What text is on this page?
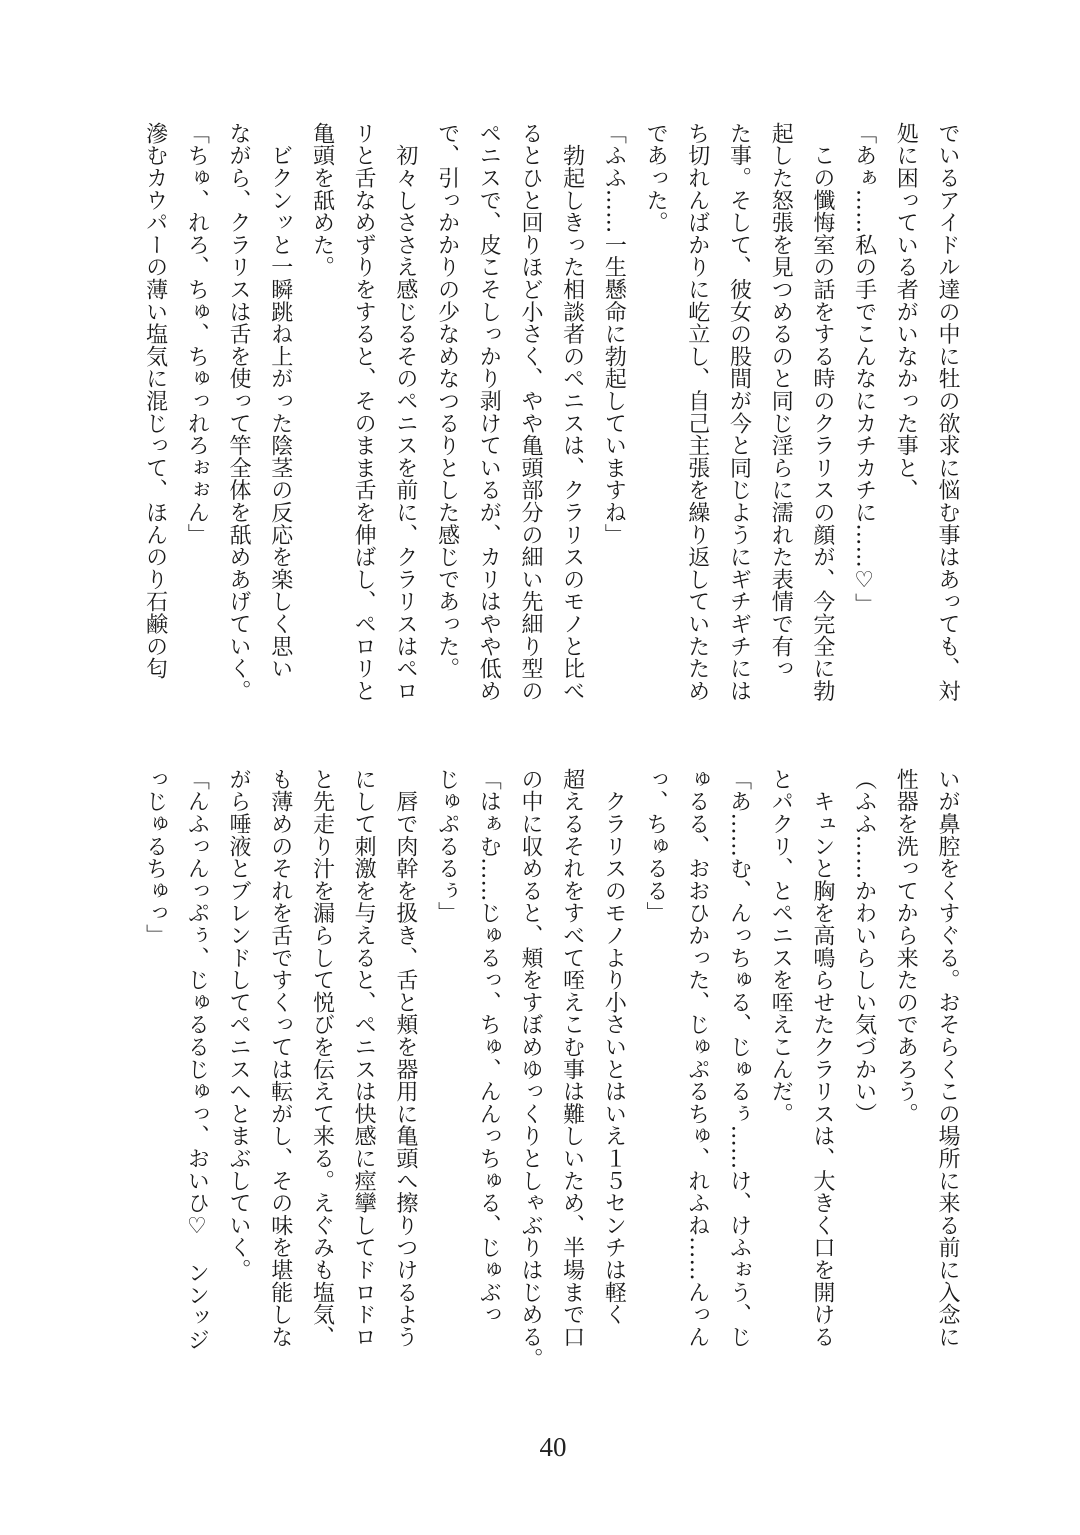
でいるアイドル達の中に牡の欲求に悩む事はあっても、対
処に困っている者がいなかった事と、
「あぁ……私の手でこんなにカチカチに……♡」
　この懺悔室の話をする時のクラリスの顔が、今完全に勃
起した怒張を見つめるのと同じ淫らに濡れた表情で有っ
た事。そして、彼女の股間が今と同じようにギチギチには
ち切れんばかりに屹立し、自己主張を繰り返していたため
であった。
「ふふ……一生懸命に勃起していますね」
　勃起しきった相談者のペニスは、クラリスのモノと比べ
るとひと回りほど小さく、やや亀頭部分の細い先細り型の
ペニスで、皮こそしっかり剥けているが、カリはやや低め
で、引っかかりの少なめなつるりとした感じであった。
　初々しささえ感じるそのペニスを前に、クラリスはペロ
リと舌なめずりをすると、そのまま舌を伸ばし、ペロリと
亀頭を舐めた。
　ビクンッと一瞬跳ね上がった陰茎の反応を楽しく思い
ながら、クラリスは舌を使って竿全体を舐めあげていく。
「ちゅ、れろ、ちゅ、ちゅっれろぉぉん」
滲むカウパーの薄い塩気に混じって、ほんのり石鹸の匂
いが鼻腔をくすぐる。おそらくこの場所に来る前に入念に
性器を洗ってから来たのであろう。
（ふふ……かわいらしい気づかい）
　キュンと胸を高鳴らせたクラリスは、大きく口を開ける
とパクリ、とペニスを咥えこんだ。
「あ……む、んっちゅる、じゅるぅ……け、けふぉう、じ
ゅるる、おおひかった、じゅぷるちゅ、れふね……んっん
っ、ちゅるる」
　クラリスのモノより小さいとはいえ１５センチは軽く
超えるそれをすべて咥えこむ事は難しいため、半場まで口
の中に収めると、頬をすぼめゆっくりとしゃぶりはじめる。
「はぁむ……じゅるっ、ちゅ、んんっちゅる、じゅぶっ
じゅぷるるぅ」
　唇で肉幹を扱き、舌と頬を器用に亀頭へ擦りつけるよう
にして刺激を与えると、ペニスは快感に痙攣してドロドロ
と先走り汁を漏らして悦びを伝えて来る。えぐみも塩気、
も薄めのそれを舌ですくっては転がし、その味を堪能しな
がら唾液とブレンドしてペニスへとまぶしていく。
「んふっんっぷぅ、じゅるるじゅっ、おいひ♡　ンンッジ
っじゅるちゅっ」
40
